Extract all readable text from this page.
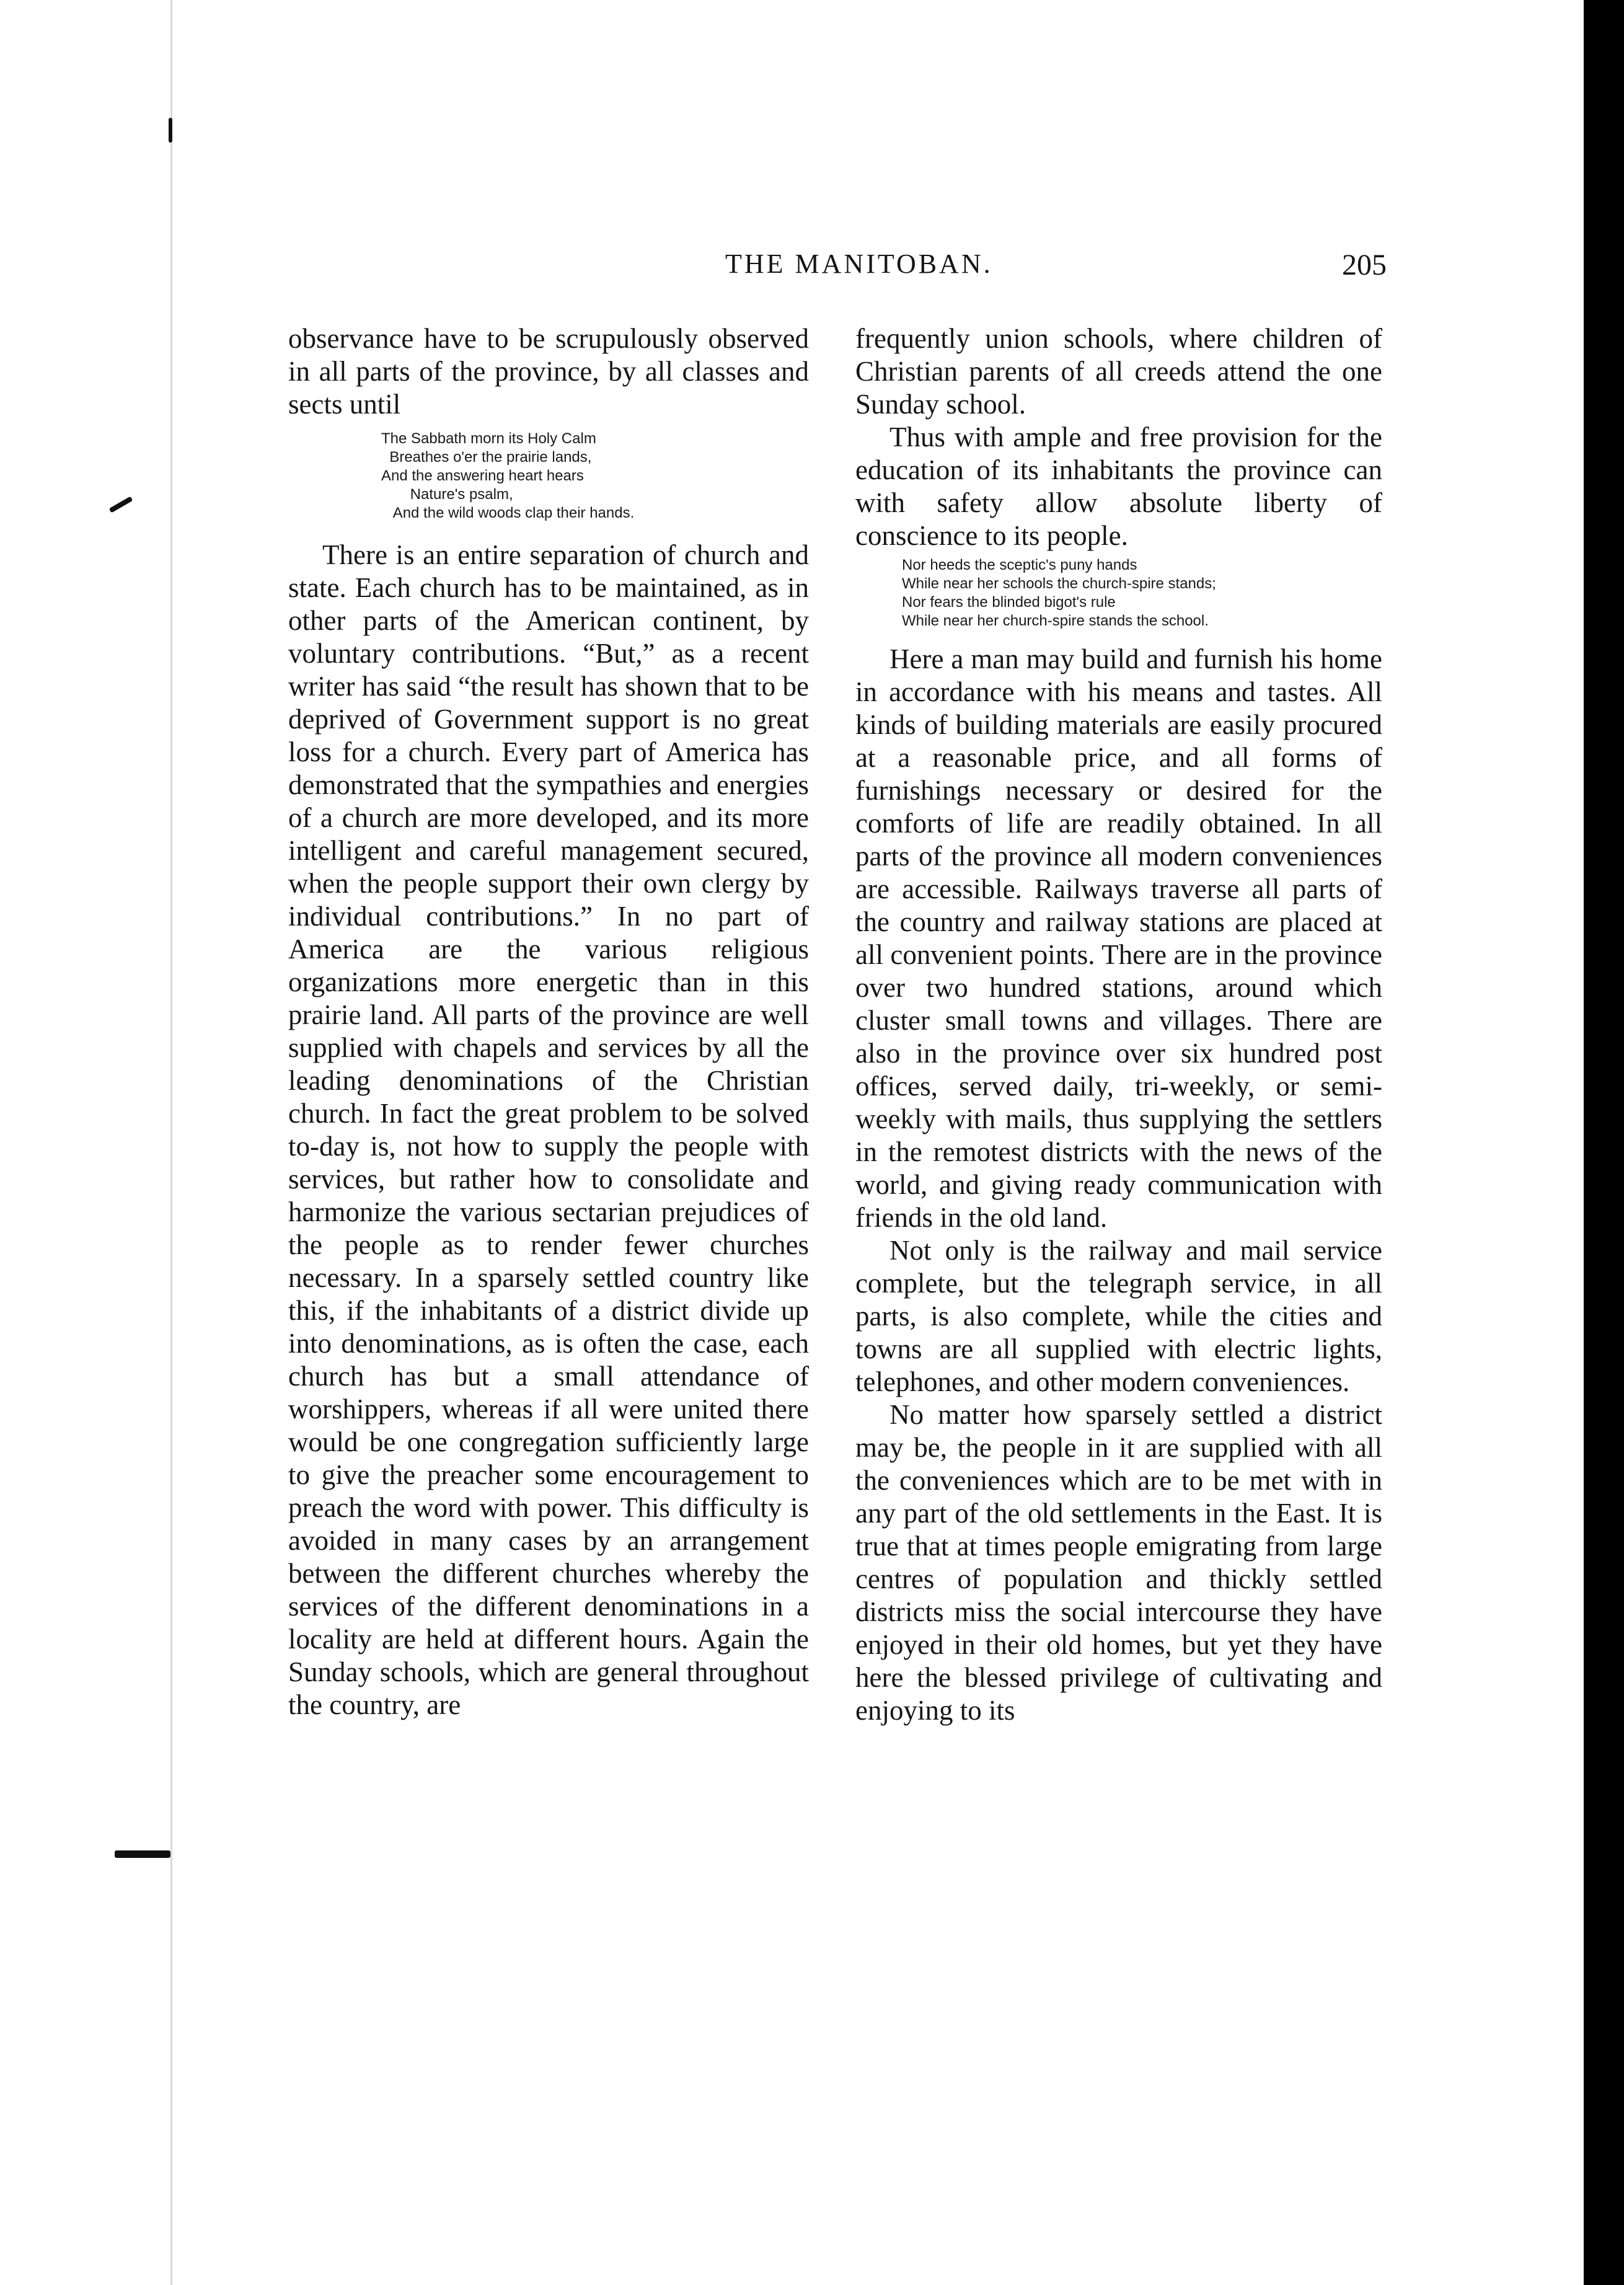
THE MANITOBAN.	205

observance have to be scrupulously observed in all parts of the province, by all classes and sects until

The Sabbath morn its Holy Calm
Breathes o'er the prairie lands,
And the answering heart hears
Nature's psalm,
And the wild woods clap their hands.

There is an entire separation of church and state. Each church has to be maintained, as in other parts of the American continent, by voluntary contributions. “But,” as a recent writer has said “the result has shown that to be deprived of Government support is no great loss for a church. Every part of America has demonstrated that the sympathies and energies of a church are more developed, and its more intelligent and careful management secured, when the people support their own clergy by individual contributions.” In no part of America are the various religious organizations more energetic than in this prairie land. All parts of the province are well supplied with chapels and services by all the leading denominations of the Christian church. In fact the great problem to be solved to-day is, not how to supply the people with services, but rather how to consolidate and harmonize the various sectarian prejudices of the people as to render fewer churches necessary. In a sparsely settled country like this, if the inhabitants of a district divide up into denominations, as is often the case, each church has but a small attendance of worshippers, whereas if all were united there would be one congregation sufficiently large to give the preacher some encouragement to preach the word with power. This difficulty is avoided in many cases by an arrangement between the different churches whereby the services of the different denominations in a locality are held at different hours. Again the Sunday schools, which are general throughout the country, are

frequently union schools, where children of Christian parents of all creeds attend the one Sunday school.

Thus with ample and free provision for the education of its inhabitants the province can with safety allow absolute liberty of conscience to its people.

Nor heeds the sceptic's puny hands
While near her schools the church-spire stands;
Nor fears the blinded bigot's rule
While near her church-spire stands the school.

Here a man may build and furnish his home in accordance with his means and tastes. All kinds of building materials are easily procured at a reasonable price, and all forms of furnishings necessary or desired for the comforts of life are readily obtained. In all parts of the province all modern conveniences are accessible. Railways traverse all parts of the country and railway stations are placed at all convenient points. There are in the province over two hundred stations, around which cluster small towns and villages. There are also in the province over six hundred post offices, served daily, tri-weekly, or semi-weekly with mails, thus supplying the settlers in the remotest districts with the news of the world, and giving ready communication with friends in the old land.

Not only is the railway and mail service complete, but the telegraph service, in all parts, is also complete, while the cities and towns are all supplied with electric lights, telephones, and other modern conveniences.

No matter how sparsely settled a district may be, the people in it are supplied with all the conveniences which are to be met with in any part of the old settlements in the East. It is true that at times people emigrating from large centres of population and thickly settled districts miss the social intercourse they have enjoyed in their old homes, but yet they have here the blessed privilege of cultivating and enjoying to its
